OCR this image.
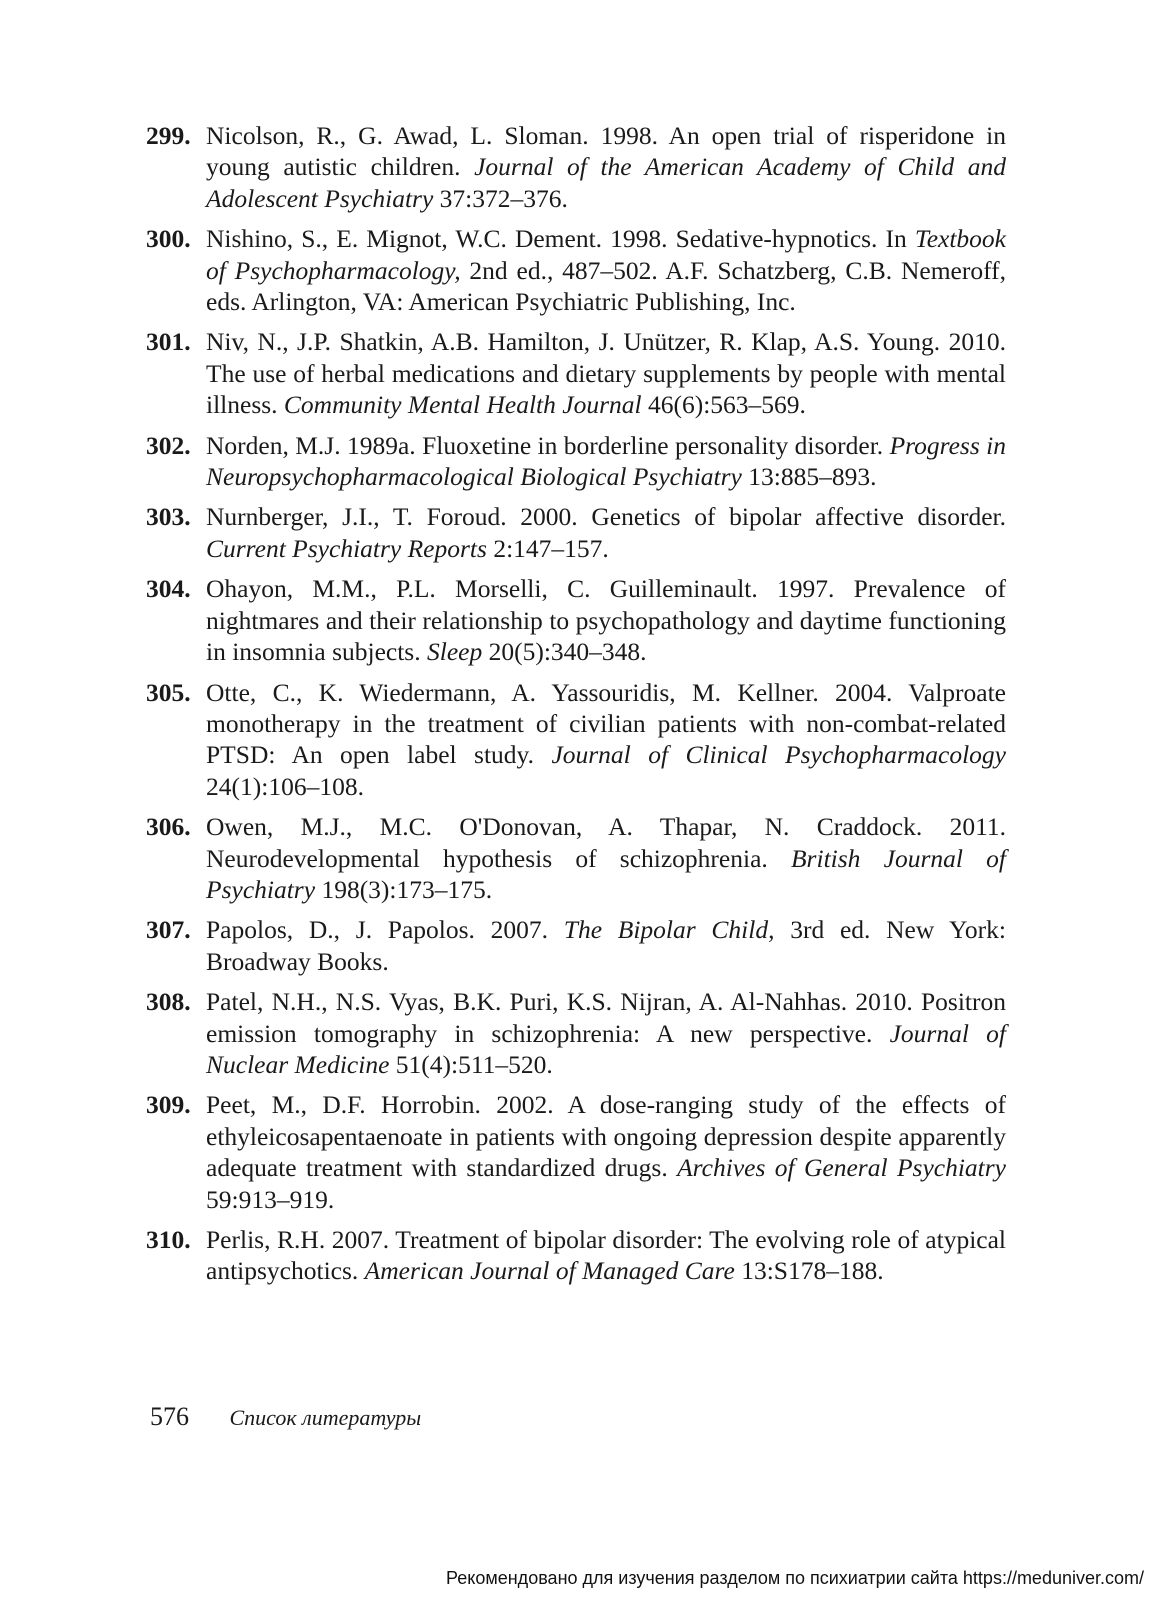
299. Nicolson, R., G. Awad, L. Sloman. 1998. An open trial of risperidone in young autistic children. Journal of the American Academy of Child and Adolescent Psychiatry 37:372–376.
300. Nishino, S., E. Mignot, W.C. Dement. 1998. Sedative-hypnotics. In Textbook of Psychopharmacology, 2nd ed., 487–502. A.F. Schatzberg, C.B. Nemeroff, eds. Arlington, VA: American Psychiatric Publishing, Inc.
301. Niv, N., J.P. Shatkin, A.B. Hamilton, J. Unützer, R. Klap, A.S. Young. 2010. The use of herbal medications and dietary supplements by people with mental illness. Community Mental Health Journal 46(6):563–569.
302. Norden, M.J. 1989a. Fluoxetine in borderline personality disorder. Progress in Neuropsychopharmacological Biological Psychiatry 13:885–893.
303. Nurnberger, J.I., T. Foroud. 2000. Genetics of bipolar affective disorder. Current Psychiatry Reports 2:147–157.
304. Ohayon, M.M., P.L. Morselli, C. Guilleminault. 1997. Prevalence of nightmares and their relationship to psychopathology and daytime functioning in insomnia subjects. Sleep 20(5):340–348.
305. Otte, C., K. Wiedermann, A. Yassouridis, M. Kellner. 2004. Valproate monotherapy in the treatment of civilian patients with non-combat-related PTSD: An open label study. Journal of Clinical Psychopharmacology 24(1):106–108.
306. Owen, M.J., M.C. O'Donovan, A. Thapar, N. Craddock. 2011. Neurodevelopmental hypothesis of schizophrenia. British Journal of Psychiatry 198(3):173–175.
307. Papolos, D., J. Papolos. 2007. The Bipolar Child, 3rd ed. New York: Broadway Books.
308. Patel, N.H., N.S. Vyas, B.K. Puri, K.S. Nijran, A. Al-Nahhas. 2010. Positron emission tomography in schizophrenia: A new perspective. Journal of Nuclear Medicine 51(4):511–520.
309. Peet, M., D.F. Horrobin. 2002. A dose-ranging study of the effects of ethyleicosapentaenoate in patients with ongoing depression despite apparently adequate treatment with standardized drugs. Archives of General Psychiatry 59:913–919.
310. Perlis, R.H. 2007. Treatment of bipolar disorder: The evolving role of atypical antipsychotics. American Journal of Managed Care 13:S178–188.
576 Список литературы
Рекомендовано для изучения разделом по психиатрии сайта https://meduniver.com/
